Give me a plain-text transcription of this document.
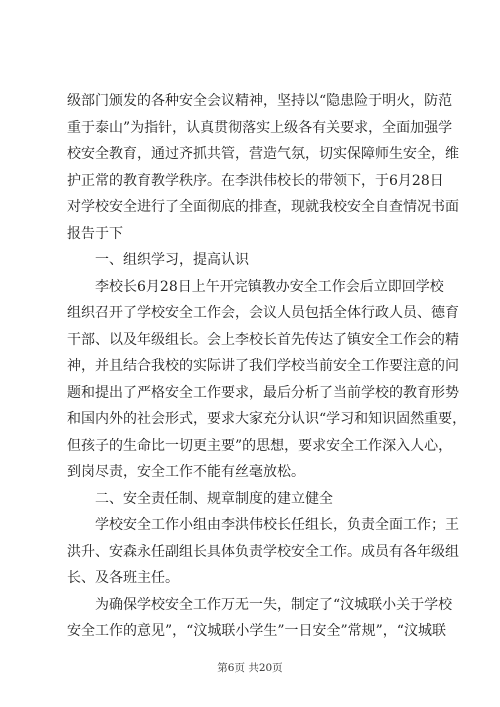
级部门颁发的各种安全会议精神，坚持以“隐患险于明火，防范
重于泰山”为指针，认真贯彻落实上级各有关要求，全面加强学
校安全教育，通过齐抓共管，营造气氛，切实保障师生安全，维
护正常的教育教学秩序。在李洪伟校长的带领下，于6月28日
对学校安全进行了全面彻底的排查，现就我校安全自查情况书面
报告于下
一、组织学习，提高认识
李校长6月28日上午开完镇教办安全工作会后立即回学校
组织召开了学校安全工作会，会议人员包括全体行政人员、德育
干部、以及年级组长。会上李校长首先传达了镇安全工作会的精
神，并且结合我校的实际讲了我们学校当前安全工作要注意的问
题和提出了严格安全工作要求，最后分析了当前学校的教育形势
和国内外的社会形式，要求大家充分认识“学习和知识固然重要，
但孩子的生命比一切更主要”的思想，要求安全工作深入人心，
到岗尽责，安全工作不能有丝毫放松。
二、安全责任制、规章制度的建立健全
学校安全工作小组由李洪伟校长任组长，负责全面工作；王
洪升、安森永任副组长具体负责学校安全工作。成员有各年级组
长、及各班主任。
为确保学校安全工作万无一失，制定了“汶城联小关于学校
安全工作的意见”，“汶城联小学生”一日安全”常规”，“汶城联
第6页 共20页
